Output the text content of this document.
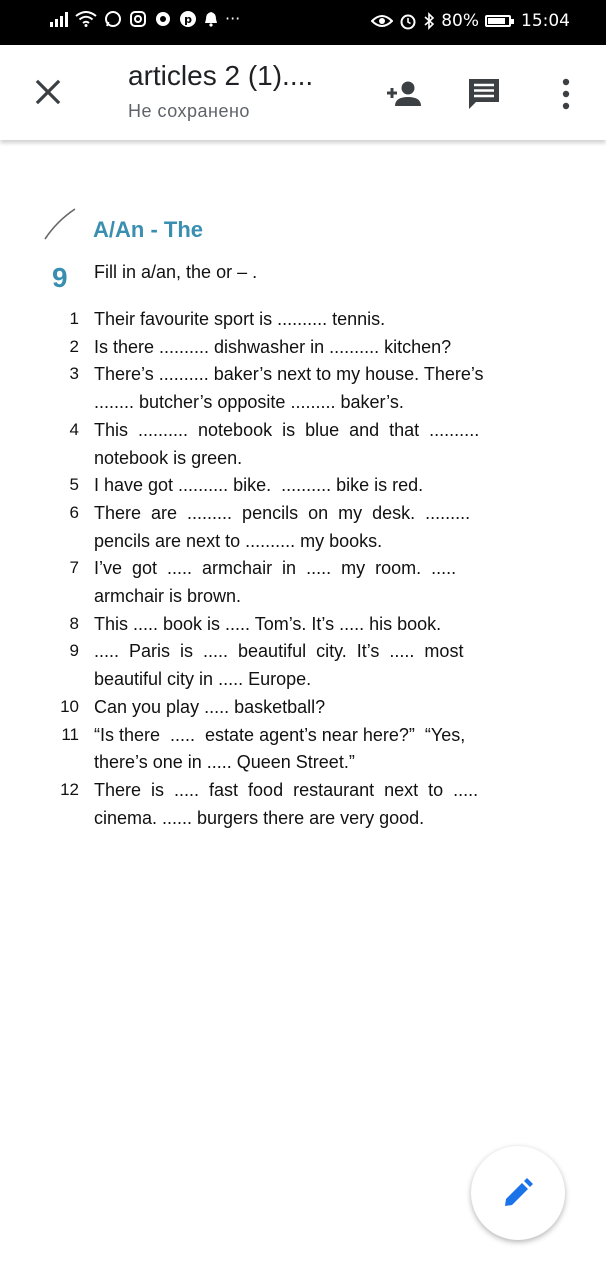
p ···	80% 15:04
articles 2 (1)....
Не сохранено
A/An - The
9 Fill in a/an, the or – .
1 Their favourite sport is .......... tennis.
2 Is there .......... dishwasher in .......... kitchen?
3 There’s .......... baker’s next to my house. There’s
........ butcher’s opposite ......... baker’s.
4 This  ..........  notebook  is  blue  and  that  ..........
notebook is green.
5 I have got .......... bike.  .......... bike is red.
6 There  are  .........  pencils  on  my  desk.  .........
pencils are next to .......... my books.
7 I’ve  got  .....  armchair  in  .....  my  room.  .....
armchair is brown.
8 This ..... book is ..... Tom’s. It’s ..... his book.
9 .....  Paris  is  .....  beautiful  city.  It’s  .....  most
beautiful city in ..... Europe.
10 Can you play ..... basketball?
11 “Is there  .....  estate agent’s near here?”  “Yes,
there’s one in ..... Queen Street.”
12 There  is  .....  fast  food  restaurant  next  to  .....
cinema. ...... burgers there are very good.
